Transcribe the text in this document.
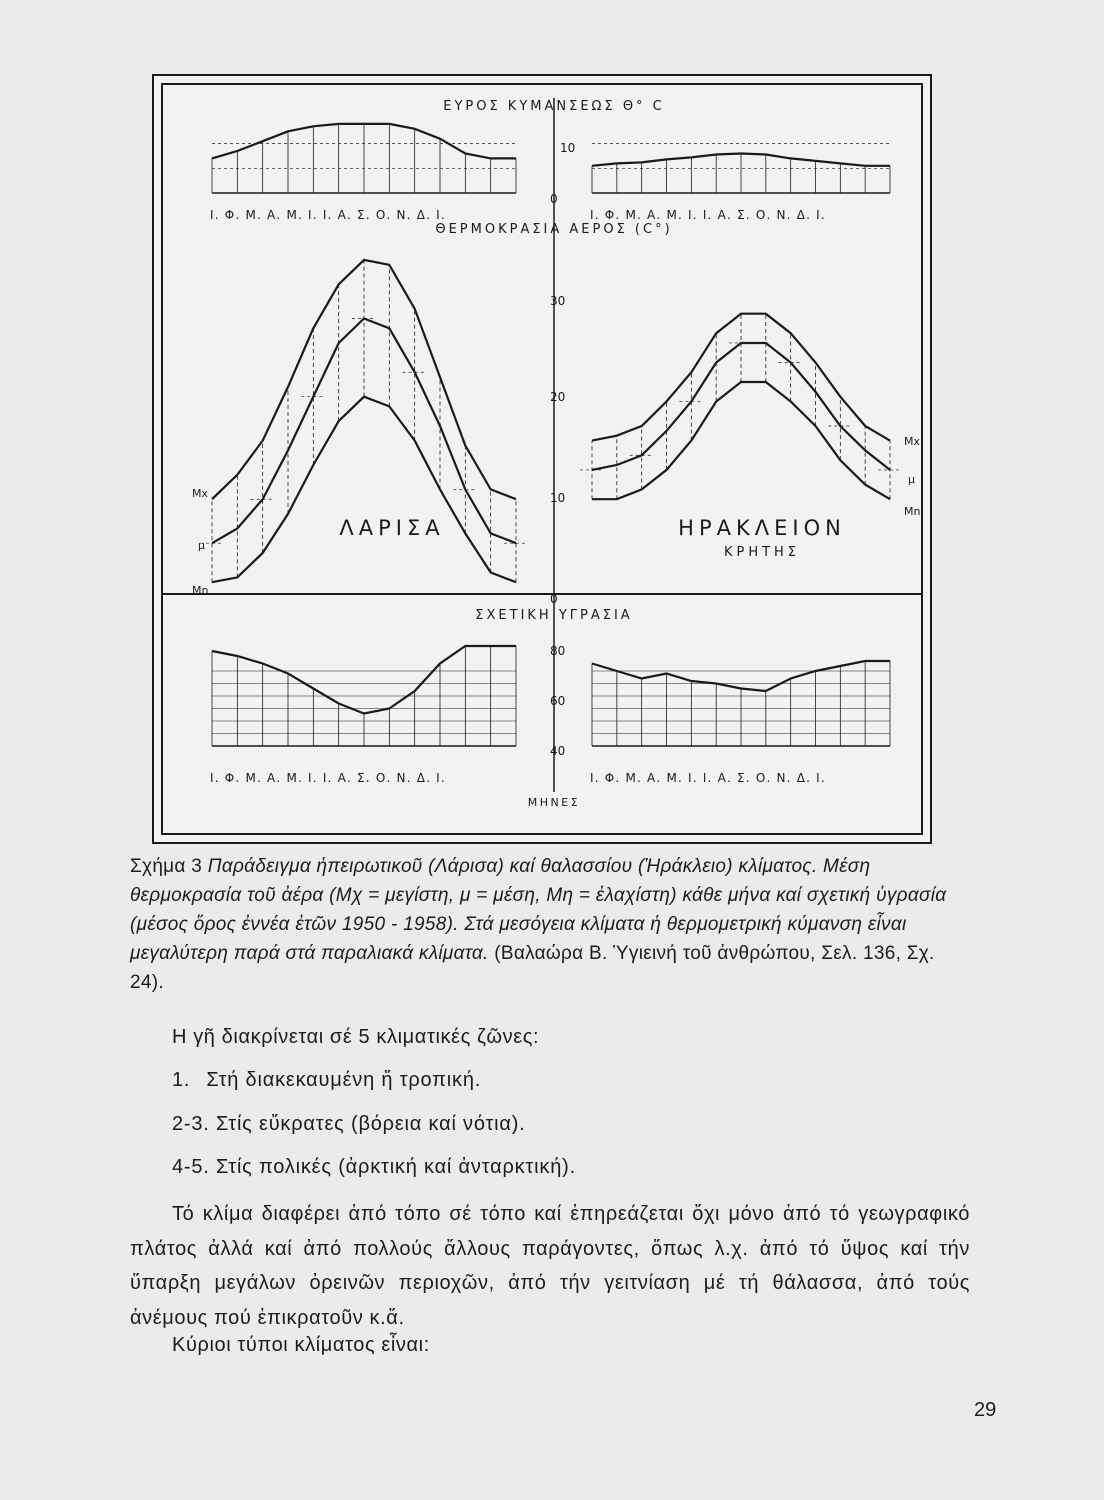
ΕΥΡΟΣ ΚΥΜΑΝΣΕΩΣ Θ° C
ΘΕΡΜΟΚΡΑΣΙΑ ΑΕΡΟΣ (C°)
ΣΧΕΤΙΚΗ ΥΓΡΑΣΙΑ
ΜΗΝΕΣ
ΛΑΡΙΣΑ	ΗΡΑΚΛΕΙΟΝ
ΚΡΗΤΗΣ
10
0
30
20
10
0
80
60
40
Ι. Φ. Μ. Α. Μ. Ι. Ι. Α. Σ. Ο. Ν. Δ. Ι.	Ι. Φ. Μ. Α. Μ. Ι. Ι. Α. Σ. Ο. Ν. Δ. Ι.
Ι. Φ. Μ. Α. Μ. Ι. Ι. Α. Σ. Ο. Ν. Δ. Ι.	Ι. Φ. Μ. Α. Μ. Ι. Ι. Α. Σ. Ο. Ν. Δ. Ι.
Mx
μ
Mn
Mx
μ
Mn
Σχήμα 3 Παράδειγμα ἠπειρωτικοῦ (Λάρισα) καί θαλασσίου (Ἡράκλειο) κλίματος. Μέση θερμοκρασία τοῦ ἀέρα (Mχ = μεγίστη, μ = μέση, Mη = ἐλαχίστη) κάθε μήνα καί σχετική ὑγρασία (μέσος ὅρος ἐννέα ἐτῶν 1950 - 1958). Στά μεσόγεια κλίματα ἡ θερμομετρική κύμανση εἶναι μεγαλύτερη παρά στά παραλιακά κλίματα. (Βαλαώρα Β. Ὑγιεινή τοῦ ἀνθρώπου, Σελ. 136, Σχ. 24).
Η γῆ διακρίνεται σέ 5 κλιματικές ζῶνες:
1. Στή διακεκαυμένη ἤ τροπική.
2-3. Στίς εὔκρατες (βόρεια καί νότια).
4-5. Στίς πολικές (ἀρκτική καί ἀνταρκτική).
Τό κλίμα διαφέρει ἀπό τόπο σέ τόπο καί ἐπηρεάζεται ὄχι μόνο ἀπό τό γεωγραφικό πλάτος ἀλλά καί ἀπό πολλούς ἄλλους παράγοντες, ὅπως λ.χ. ἀπό τό ὕψος καί τήν ὕπαρξη μεγάλων ὀρεινῶν περιοχῶν, ἀπό τήν γειτνίαση μέ τή θάλασσα, ἀπό τούς ἀνέμους πού ἐπικρατοῦν κ.ἄ.
Κύριοι τύποι κλίματος εἶναι:
29
